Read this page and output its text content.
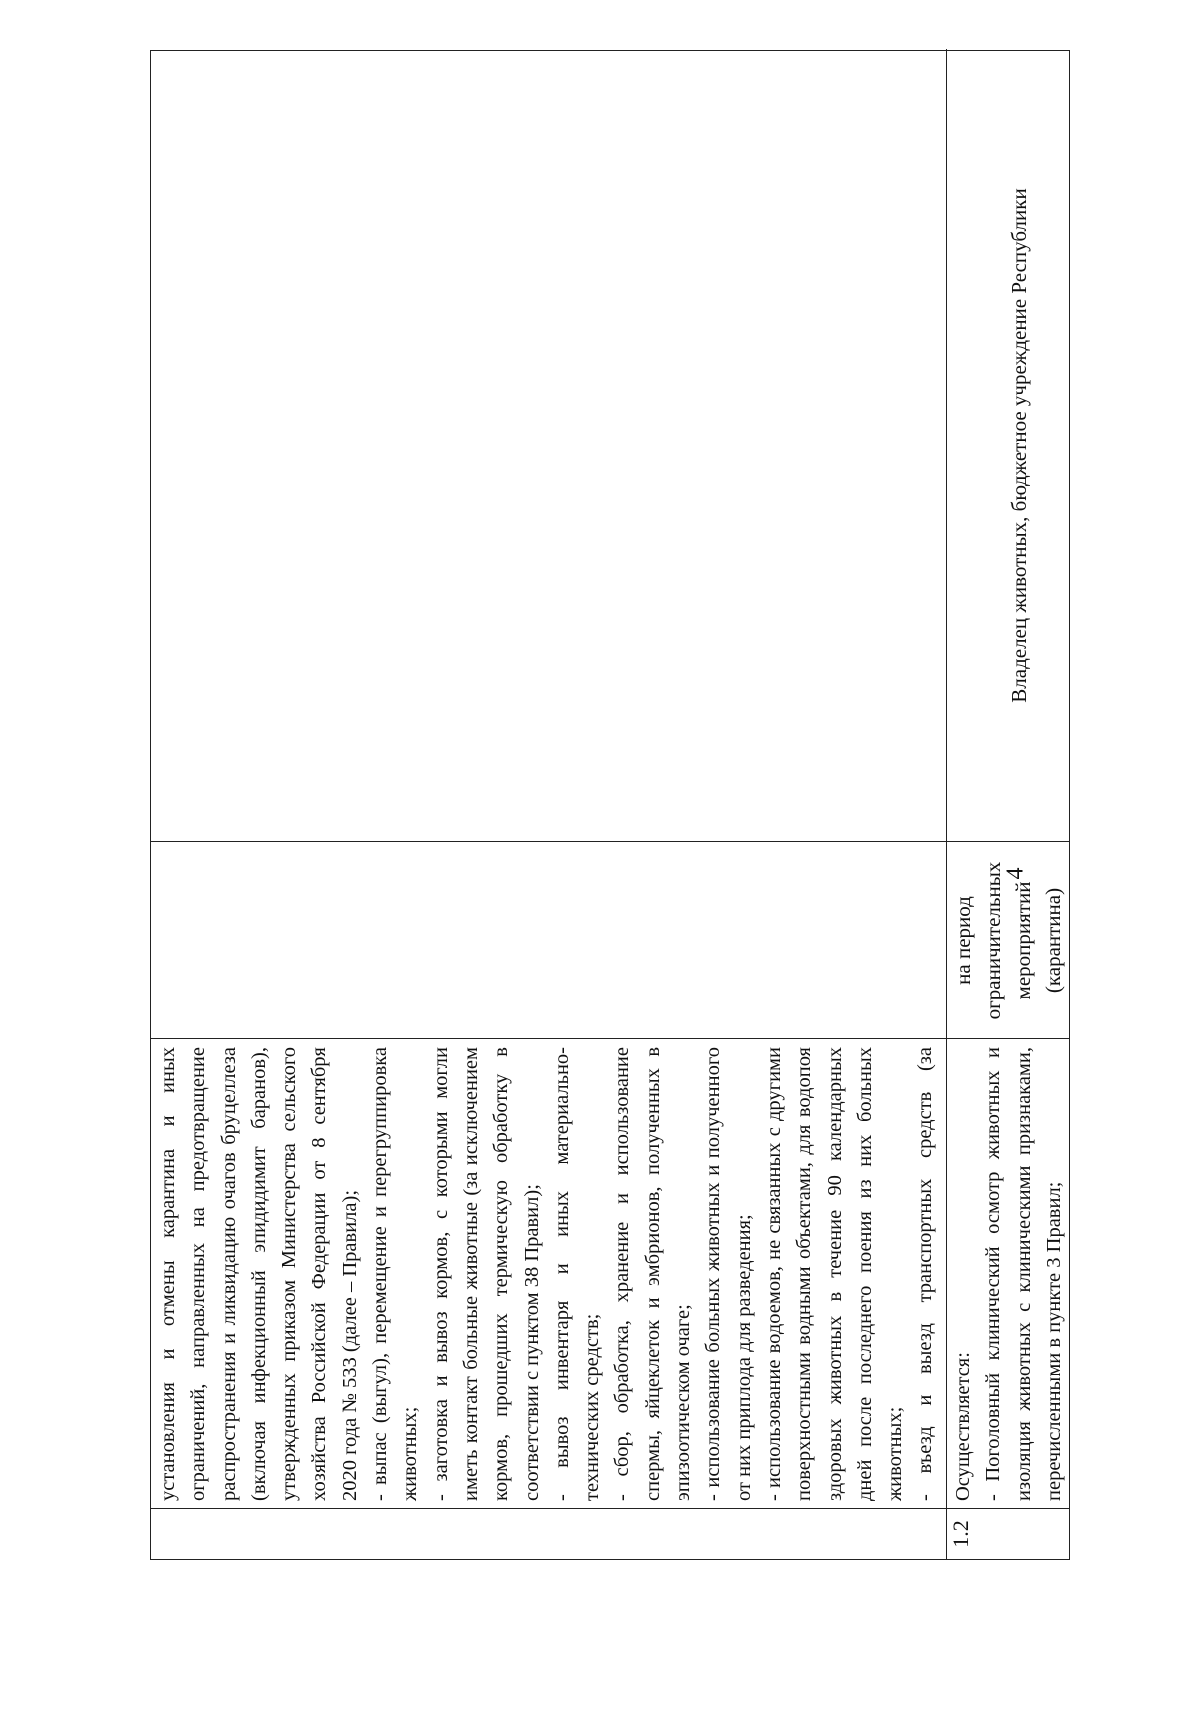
установления и отмены карантина и иных ограничений, направленных на предотвращение распространения и ликвидацию очагов бруцеллеза (включая инфекционный эпидидимит баранов), утвержденных приказом Министерства сельского хозяйства Российской Федерации от 8 сентября 2020 года № 533 (далее – Правила); - выпас (выгул), перемещение и перегруппировка животных; - заготовка и вывоз кормов, с которыми могли иметь контакт больные животные (за исключением кормов, прошедших термическую обработку в соответствии с пунктом 38 Правил); - вывоз инвентаря и иных материально-технических средств; - сбор, обработка, хранение и использование спермы, яйцеклеток и эмбрионов, полученных в эпизоотическом очаге; - использование больных животных и полученного от них приплода для разведения; - использование водоемов, не связанных с другими поверхностными водными объектами, для водопоя здоровых животных в течение 90 календарных дней после последнего поения из них больных животных; - въезд и выезд транспортных средств (за

1.2

Осуществляется: - Поголовный клинический осмотр животных и изоляция животных с клиническими признаками, перечисленными в пункте 3 Правил;

на период ограничительных мероприятий (карантина)
Владелец животных, бюджетное учреждение Республики
4
